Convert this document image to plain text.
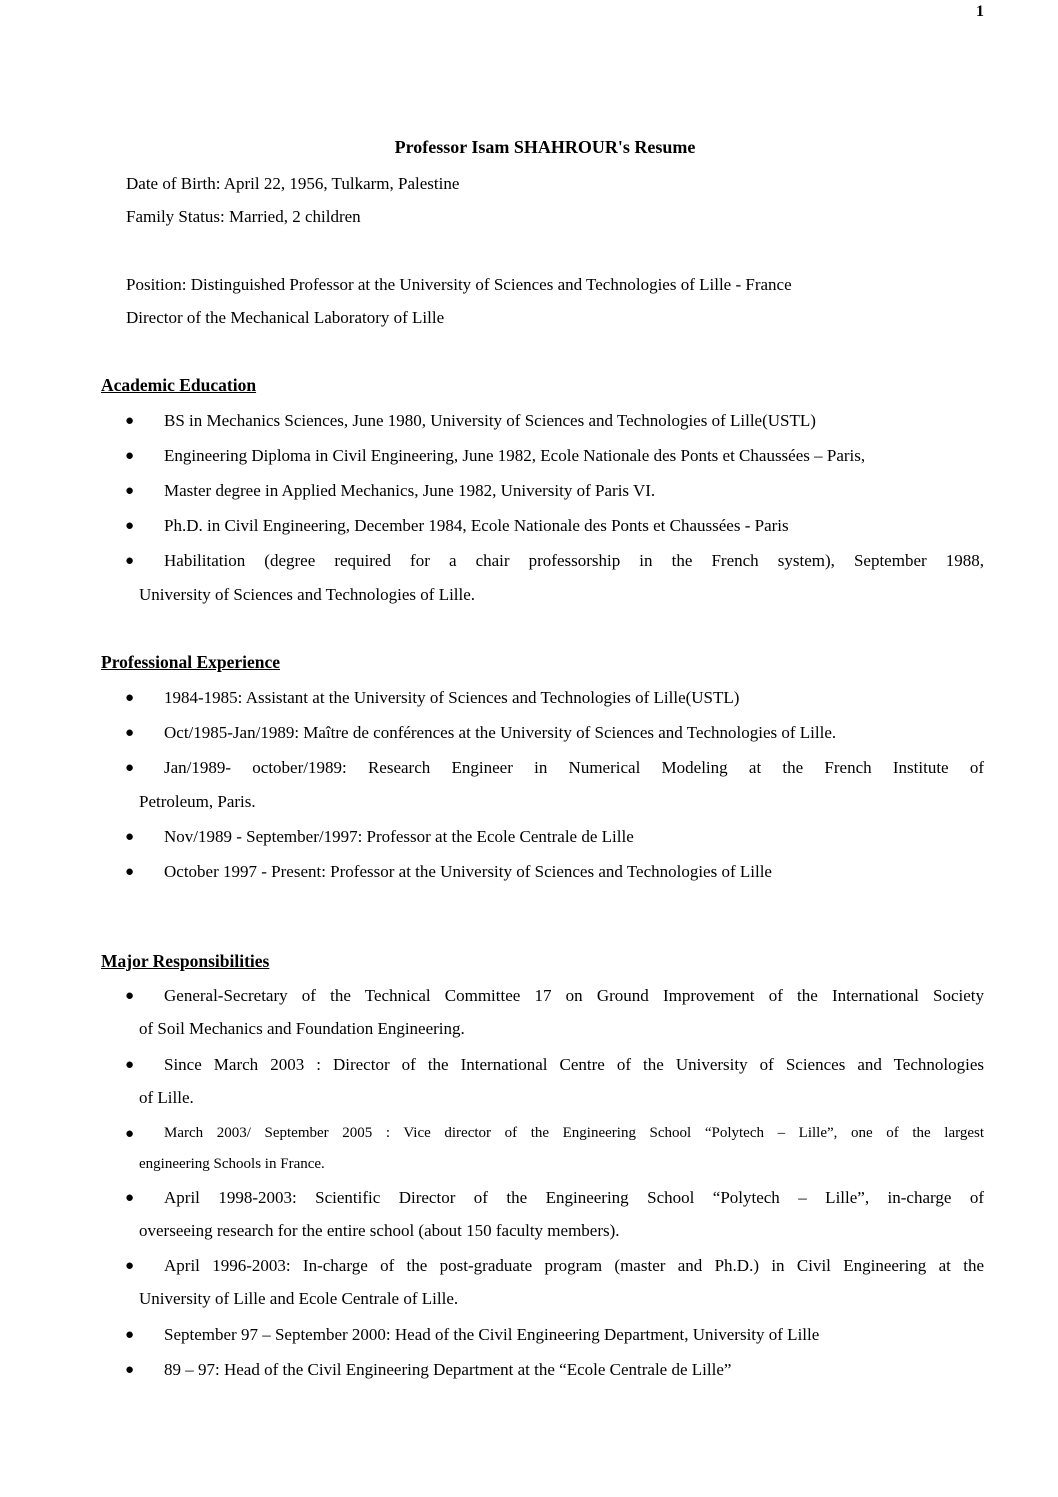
1
Professor Isam SHAHROUR's Resume
Date of Birth: April 22, 1956, Tulkarm, Palestine
Family Status: Married, 2 children
Position: Distinguished Professor at the University of Sciences and Technologies of Lille - France
Director of the Mechanical Laboratory of Lille
Academic Education
● BS in Mechanics Sciences, June 1980, University of Sciences and Technologies of Lille(USTL)
● Engineering Diploma in Civil Engineering, June 1982, Ecole Nationale des Ponts et Chaussées – Paris,
● Master degree in Applied Mechanics, June 1982, University of Paris VI.
● Ph.D. in Civil Engineering, December 1984, Ecole Nationale des Ponts et Chaussées - Paris
● Habilitation (degree required for a chair professorship in the French system), September 1988,
University of Sciences and Technologies of Lille.
Professional Experience
● 1984-1985: Assistant at the University of Sciences and Technologies of Lille(USTL)
● Oct/1985-Jan/1989: Maître de conférences at the University of Sciences and Technologies of Lille.
● Jan/1989- october/1989: Research Engineer in Numerical Modeling at the French Institute of
Petroleum, Paris.
● Nov/1989 - September/1997: Professor at the Ecole Centrale de Lille
● October 1997 - Present: Professor at the University of Sciences and Technologies of Lille
Major Responsibilities
● General-Secretary of the Technical Committee 17 on Ground Improvement of the International Society
of Soil Mechanics and Foundation Engineering.
● Since March 2003 : Director of the International Centre of the University of Sciences and Technologies
of Lille.
● March 2003/ September 2005 : Vice director of the Engineering School “Polytech – Lille”, one of the largest
engineering Schools in France.
● April 1998-2003: Scientific Director of the Engineering School “Polytech – Lille”, in-charge of
overseeing research for the entire school (about 150 faculty members).
● April 1996-2003: In-charge of the post-graduate program (master and Ph.D.) in Civil Engineering at the
University of Lille and Ecole Centrale of Lille.
● September 97 – September 2000: Head of the Civil Engineering Department, University of Lille
● 89 – 97: Head of the Civil Engineering Department at the “Ecole Centrale de Lille”
